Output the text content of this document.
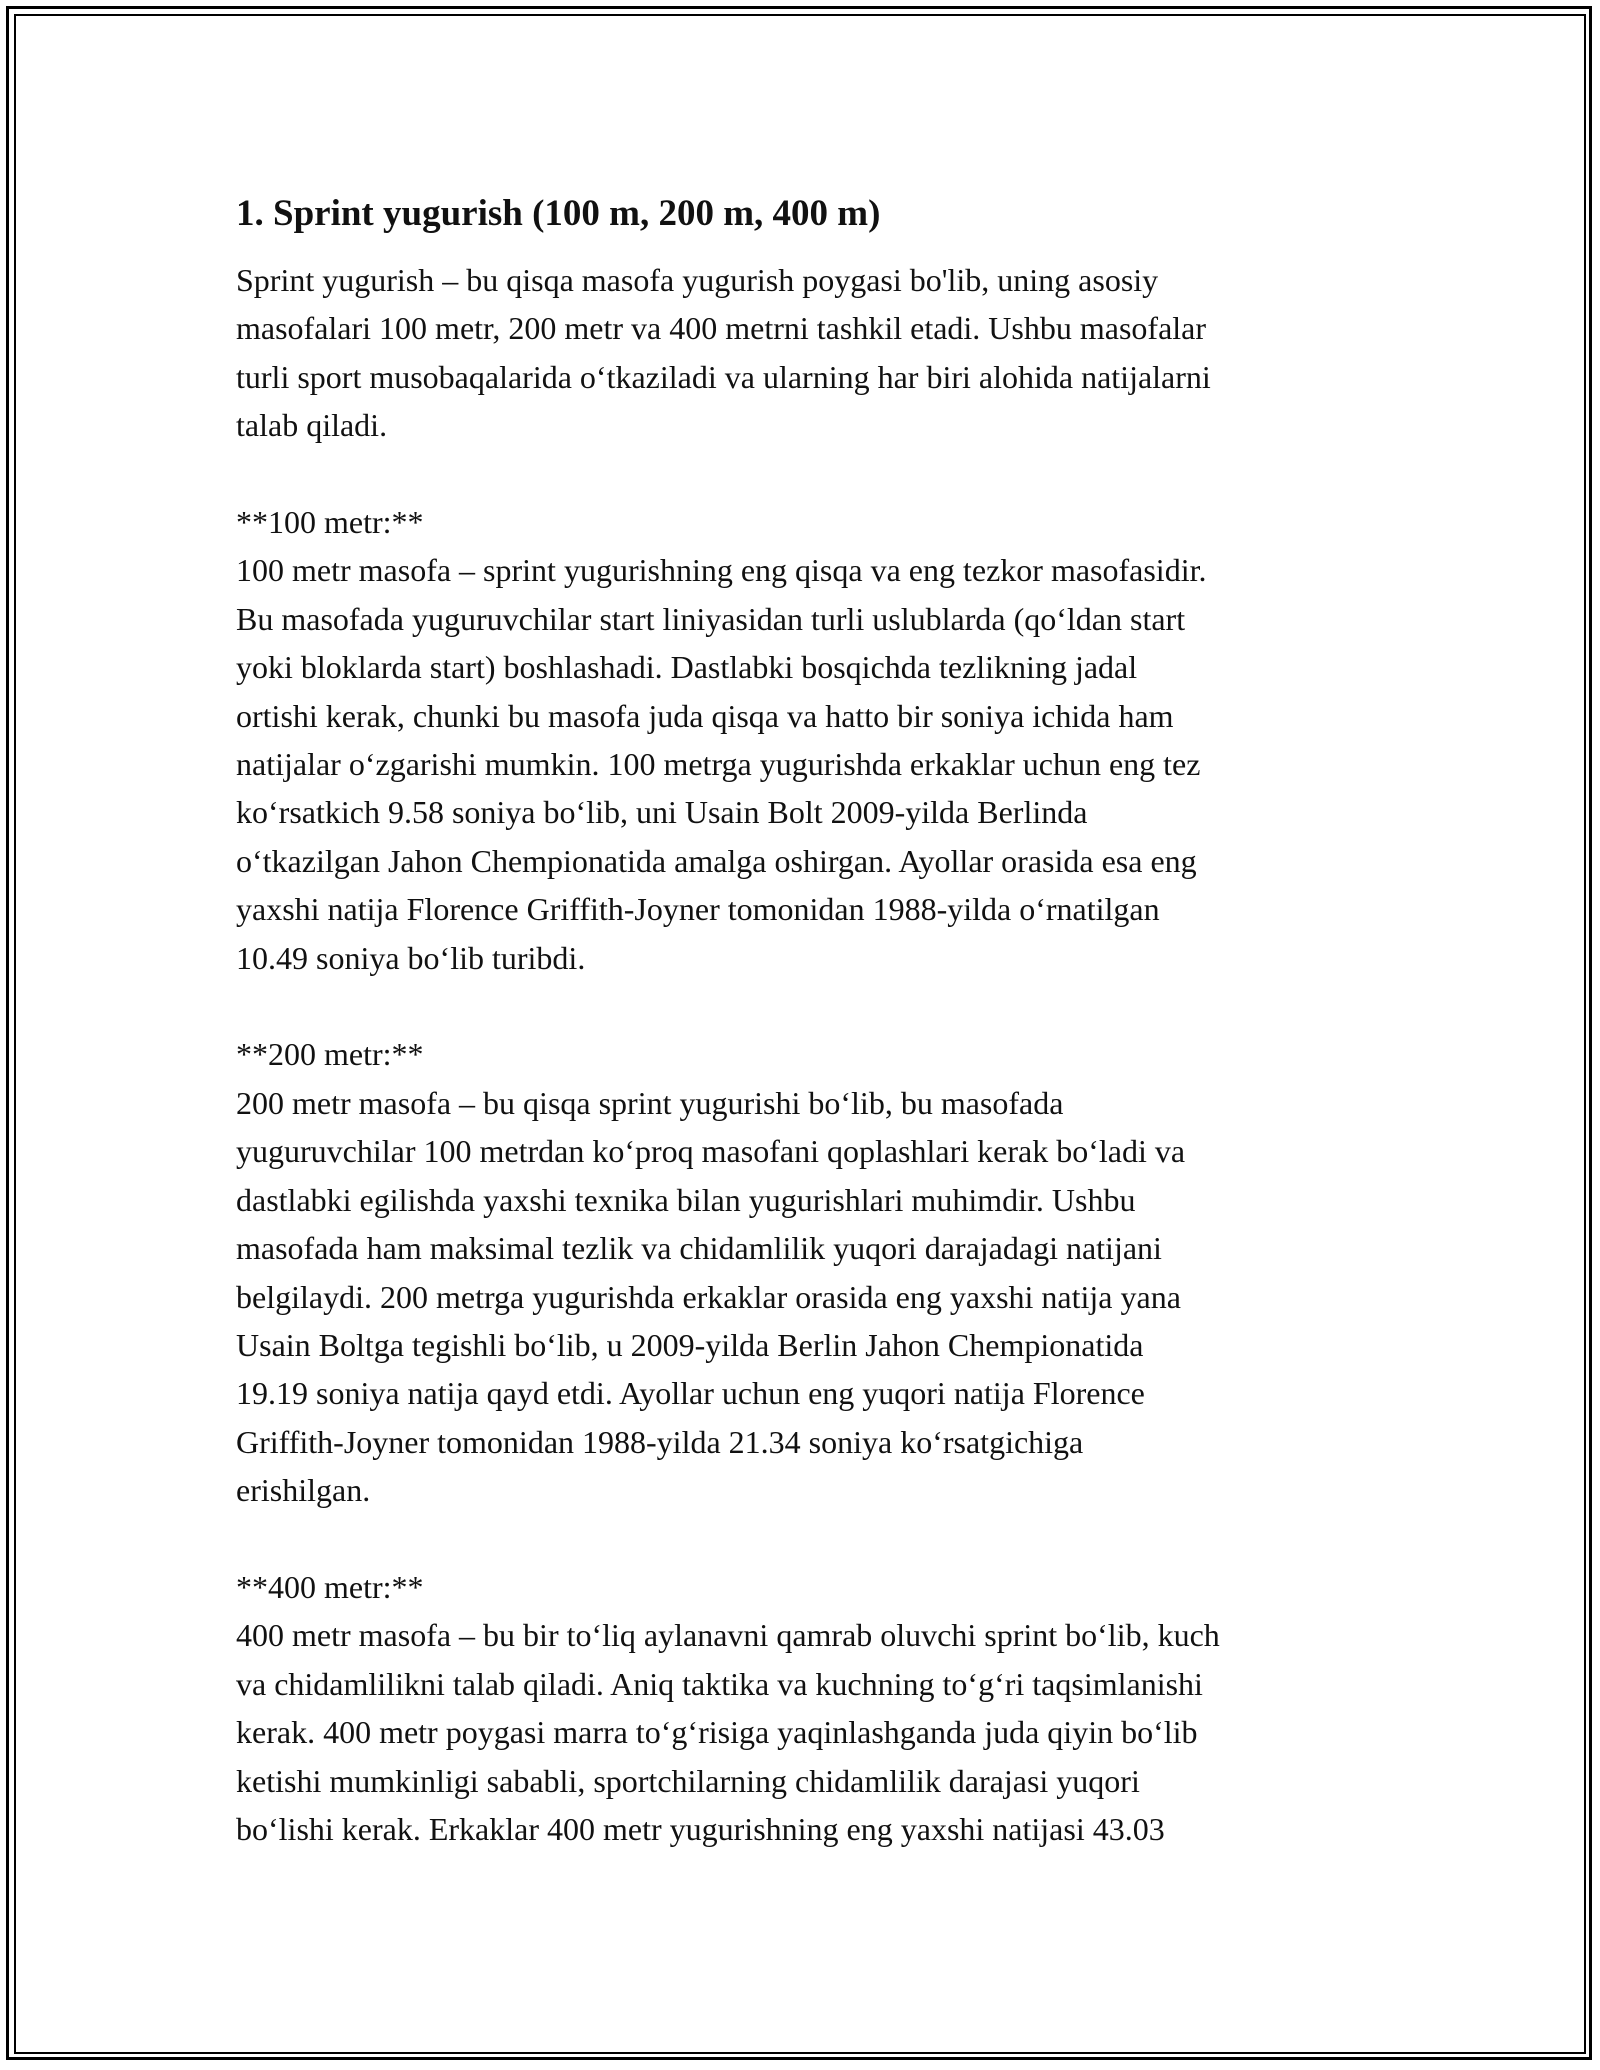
1. Sprint yugurish (100 m, 200 m, 400 m)

Sprint yugurish – bu qisqa masofa yugurish poygasi bo'lib, uning asosiy
masofalari 100 metr, 200 metr va 400 metrni tashkil etadi. Ushbu masofalar
turli sport musobaqalarida o‘tkaziladi va ularning har biri alohida natijalarni
talab qiladi.

**100 metr:**

100 metr masofa – sprint yugurishning eng qisqa va eng tezkor masofasidir.
Bu masofada yuguruvchilar start liniyasidan turli uslublarda (qo‘ldan start
yoki bloklarda start) boshlashadi. Dastlabki bosqichda tezlikning jadal
ortishi kerak, chunki bu masofa juda qisqa va hatto bir soniya ichida ham
natijalar o‘zgarishi mumkin. 100 metrga yugurishda erkaklar uchun eng tez
ko‘rsatkich 9.58 soniya bo‘lib, uni Usain Bolt 2009-yilda Berlinda
o‘tkazilgan Jahon Chempionatida amalga oshirgan. Ayollar orasida esa eng
yaxshi natija Florence Griffith-Joyner tomonidan 1988-yilda o‘rnatilgan
10.49 soniya bo‘lib turibdi.

**200 metr:**

200 metr masofa – bu qisqa sprint yugurishi bo‘lib, bu masofada
yuguruvchilar 100 metrdan ko‘proq masofani qoplashlari kerak bo‘ladi va
dastlabki egilishda yaxshi texnika bilan yugurishlari muhimdir. Ushbu
masofada ham maksimal tezlik va chidamlilik yuqori darajadagi natijani
belgilaydi. 200 metrga yugurishda erkaklar orasida eng yaxshi natija yana
Usain Boltga tegishli bo‘lib, u 2009-yilda Berlin Jahon Chempionatida
19.19 soniya natija qayd etdi. Ayollar uchun eng yuqori natija Florence
Griffith-Joyner tomonidan 1988-yilda 21.34 soniya ko‘rsatgichiga
erishilgan.

**400 metr:**

400 metr masofa – bu bir to‘liq aylanavni qamrab oluvchi sprint bo‘lib, kuch
va chidamlilikni talab qiladi. Aniq taktika va kuchning to‘g‘ri taqsimlanishi
kerak. 400 metr poygasi marra to‘g‘risiga yaqinlashganda juda qiyin bo‘lib
ketishi mumkinligi sababli, sportchilarning chidamlilik darajasi yuqori
bo‘lishi kerak. Erkaklar 400 metr yugurishning eng yaxshi natijasi 43.03
